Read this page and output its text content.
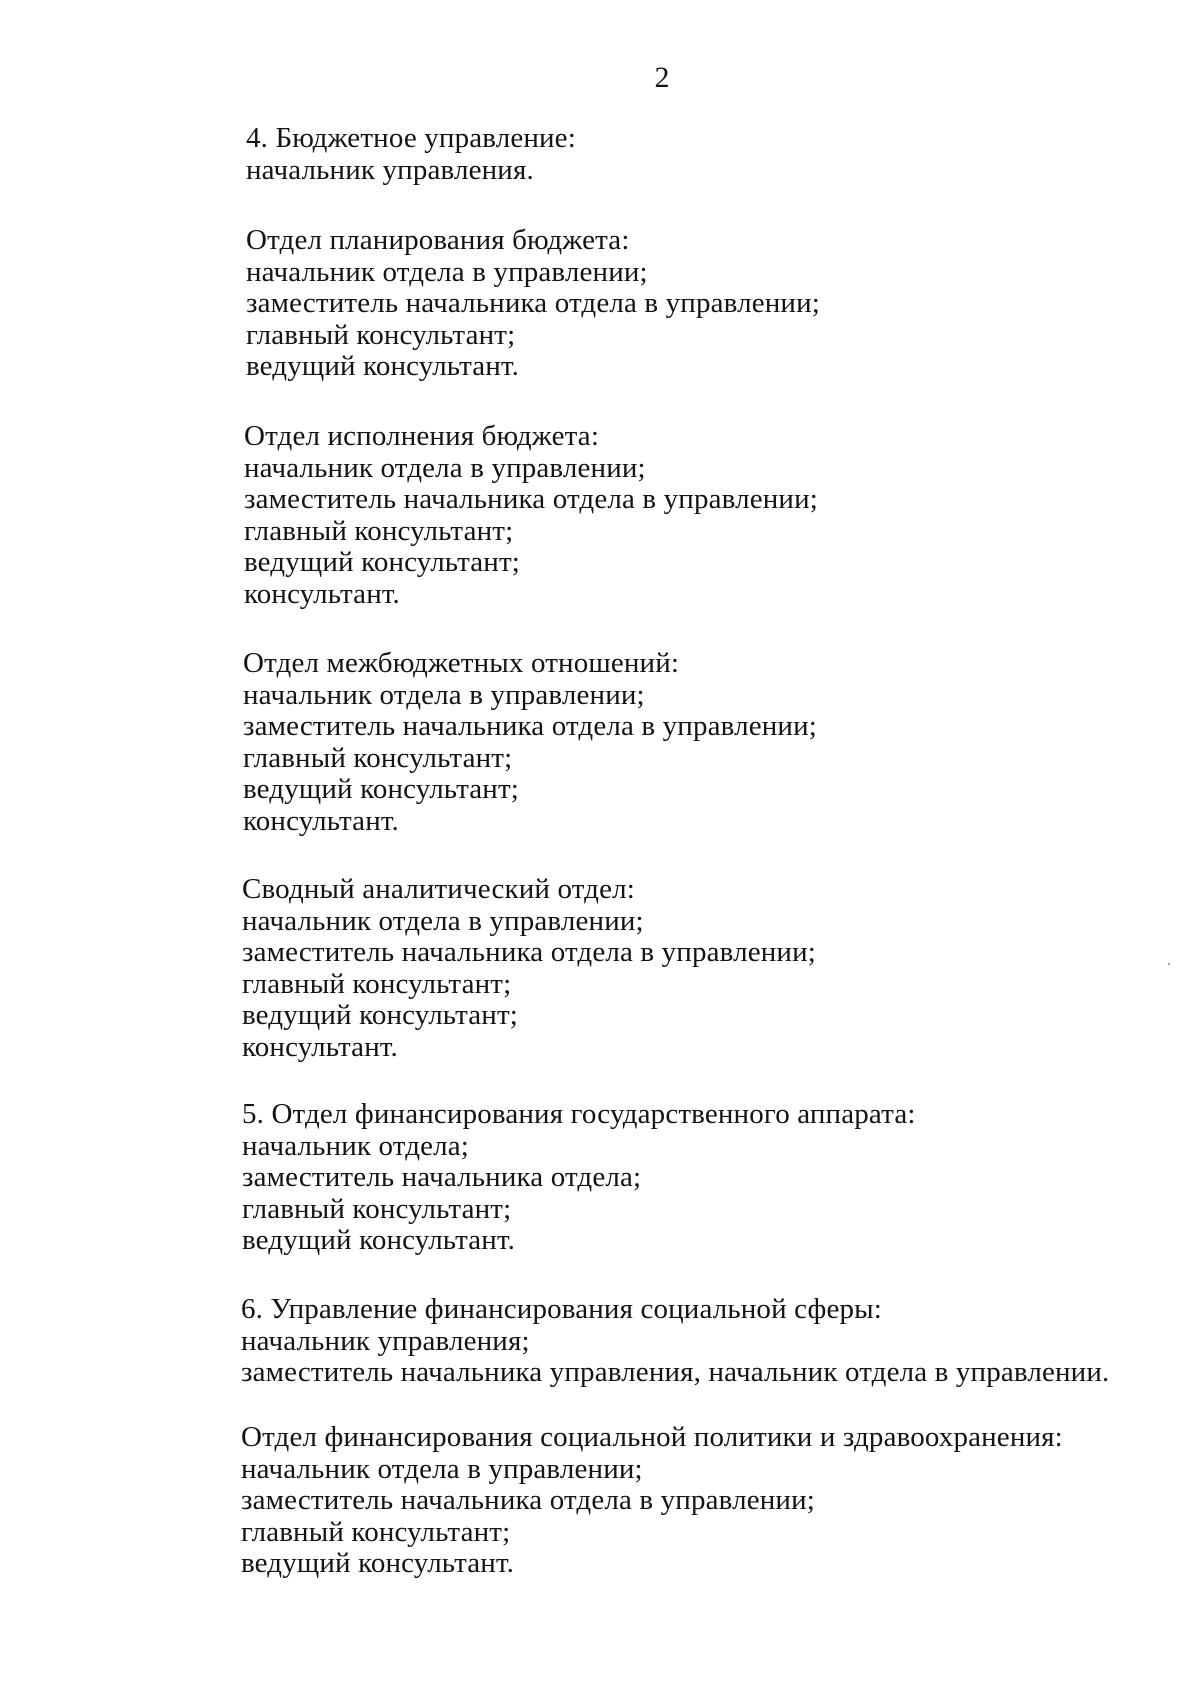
2
4. Бюджетное управление:
начальник управления.
Отдел планирования бюджета:
начальник отдела в управлении;
заместитель начальника отдела в управлении;
главный консультант;
ведущий консультант.
Отдел исполнения бюджета:
начальник отдела в управлении;
заместитель начальника отдела в управлении;
главный консультант;
ведущий консультант;
консультант.
Отдел межбюджетных отношений:
начальник отдела в управлении;
заместитель начальника отдела в управлении;
главный консультант;
ведущий консультант;
консультант.
Сводный аналитический отдел:
начальник отдела в управлении;
заместитель начальника отдела в управлении;
главный консультант;
ведущий консультант;
консультант.
5. Отдел финансирования государственного аппарата:
начальник отдела;
заместитель начальника отдела;
главный консультант;
ведущий консультант.
6. Управление финансирования социальной сферы:
начальник управления;
заместитель начальника управления, начальник отдела в управлении.
Отдел финансирования социальной политики и здравоохранения:
начальник отдела в управлении;
заместитель начальника отдела в управлении;
главный консультант;
ведущий консультант.
